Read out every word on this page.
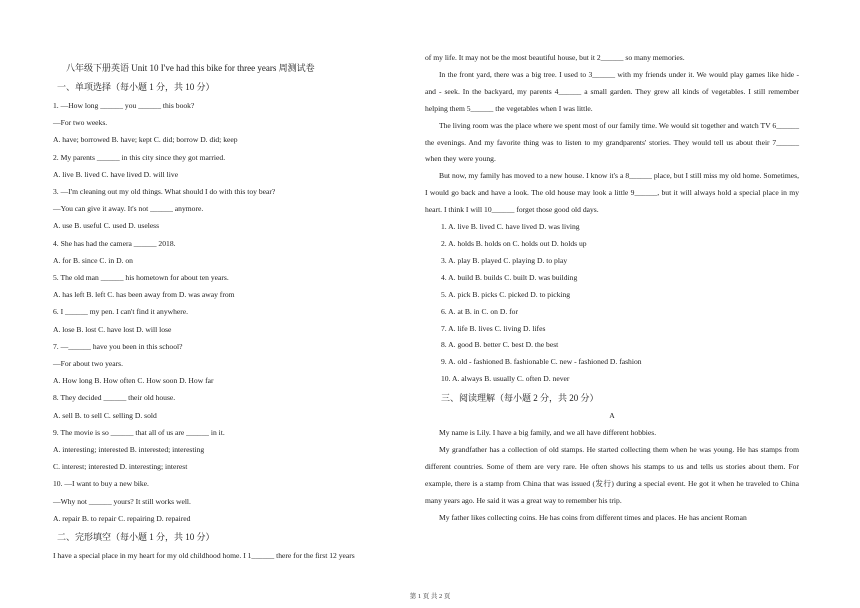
八年级下册英语 Unit 10 I've had this bike for three years 周测试卷
一、单项选择（每小题 1 分，共 10 分）
1. —How long ______ you ______ this book?
—For two weeks.
A. have; borrowed B. have; kept C. did; borrow D. did; keep
2. My parents ______ in this city since they got married.
A. live B. lived C. have lived D. will live
3. —I'm cleaning out my old things. What should I do with this toy bear?
—You can give it away. It's not ______ anymore.
A. use B. useful C. used D. useless
4. She has had the camera ______ 2018.
A. for B. since C. in D. on
5. The old man ______ his hometown for about ten years.
A. has left B. left C. has been away from D. was away from
6. I ______ my pen. I can't find it anywhere.
A. lose B. lost C. have lost D. will lose
7. —______ have you been in this school?
—For about two years.
A. How long B. How often C. How soon D. How far
8. They decided ______ their old house.
A. sell B. to sell C. selling D. sold
9. The movie is so ______ that all of us are ______ in it.
A. interesting; interested B. interested; interesting
C. interest; interested D. interesting; interest
10. —I want to buy a new bike.
—Why not ______ yours? It still works well.
A. repair B. to repair C. repairing D. repaired
二、完形填空（每小题 1 分，共 10 分）
I have a special place in my heart for my old childhood home. I 1______ there for the first 12 years

of my life. It may not be the most beautiful house, but it 2______ so many memories.

In the front yard, there was a big tree. I used to 3______ with my friends under it. We would play games like hide - and - seek. In the backyard, my parents 4______ a small garden. They grew all kinds of vegetables. I still remember helping them 5______ the vegetables when I was little.

The living room was the place where we spent most of our family time. We would sit together and watch TV 6______ the evenings. And my favorite thing was to listen to my grandparents' stories. They would tell us about their 7______ when they were young.

But now, my family has moved to a new house. I know it's a 8______ place, but I still miss my old home. Sometimes, I would go back and have a look. The old house may look a little 9______, but it will always hold a special place in my heart. I think I will 10______ forget those good old days.

1. A. live B. lived C. have lived D. was living
2. A. holds B. holds on C. holds out D. holds up
3. A. play B. played C. playing D. to play
4. A. build B. builds C. built D. was building
5. A. pick B. picks C. picked D. to picking
6. A. at B. in C. on D. for
7. A. life B. lives C. living D. lifes
8. A. good B. better C. best D. the best
9. A. old - fashioned B. fashionable C. new - fashioned D. fashion
10. A. always B. usually C. often D. never
三、阅读理解（每小题 2 分，共 20 分）
A

My name is Lily. I have a big family, and we all have different hobbies.

My grandfather has a collection of old stamps. He started collecting them when he was young. He has stamps from different countries. Some of them are very rare. He often shows his stamps to us and tells us stories about them. For example, there is a stamp from China that was issued (发行) during a special event. He got it when he traveled to China many years ago. He said it was a great way to remember his trip.

My father likes collecting coins. He has coins from different times and places. He has ancient Roman

第 1 页 共 2 页
